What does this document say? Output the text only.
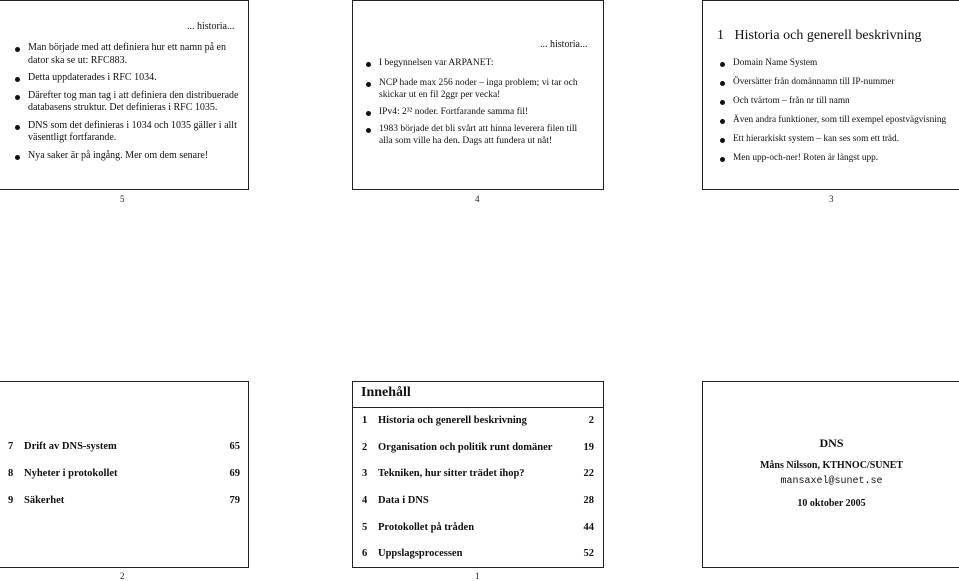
... historia...
Man började med att definiera hur ett namn på en dator ska se ut: RFC883.
Detta uppdaterades i RFC 1034.
Därefter tog man tag i att definiera den distribuerade databasens struktur. Det definieras i RFC 1035.
DNS som det definieras i 1034 och 1035 gäller i allt väsentligt fortfarande.
Nya saker är på ingång. Mer om dem senare!
5
... historia...
I begynnelsen var ARPANET:
NCP hade max 256 noder – inga problem; vi tar och skickar ut en fil 2ggr per vecka!
IPv4: 2³² noder. Fortfarande samma fil!
1983 började det bli svårt att hinna leverera filen till alla som ville ha den. Dags att fundera ut nåt!
4
1 Historia och generell beskrivning
Domain Name System
Översätter från domännamn till IP-nummer
Och tvärtom – från nr till namn
Även andra funktioner, som till exempel epostvägvisning
Ett hierarkiskt system – kan ses som ett träd.
Men upp-och-ner! Roten är längst upp.
3
7 Drift av DNS-system	65
8 Nyheter i protokollet	69
9 Säkerhet	79
2
Innehåll
1 Historia och generell beskrivning	2
2 Organisation och politik runt domäner	19
3 Tekniken, hur sitter trädet ihop?	22
4 Data i DNS	28
5 Protokollet på tråden	44
6 Uppslagsprocessen	52
1
DNS
Måns Nilsson, KTHNOC/SUNET
mansaxel@sunet.se
10 oktober 2005
